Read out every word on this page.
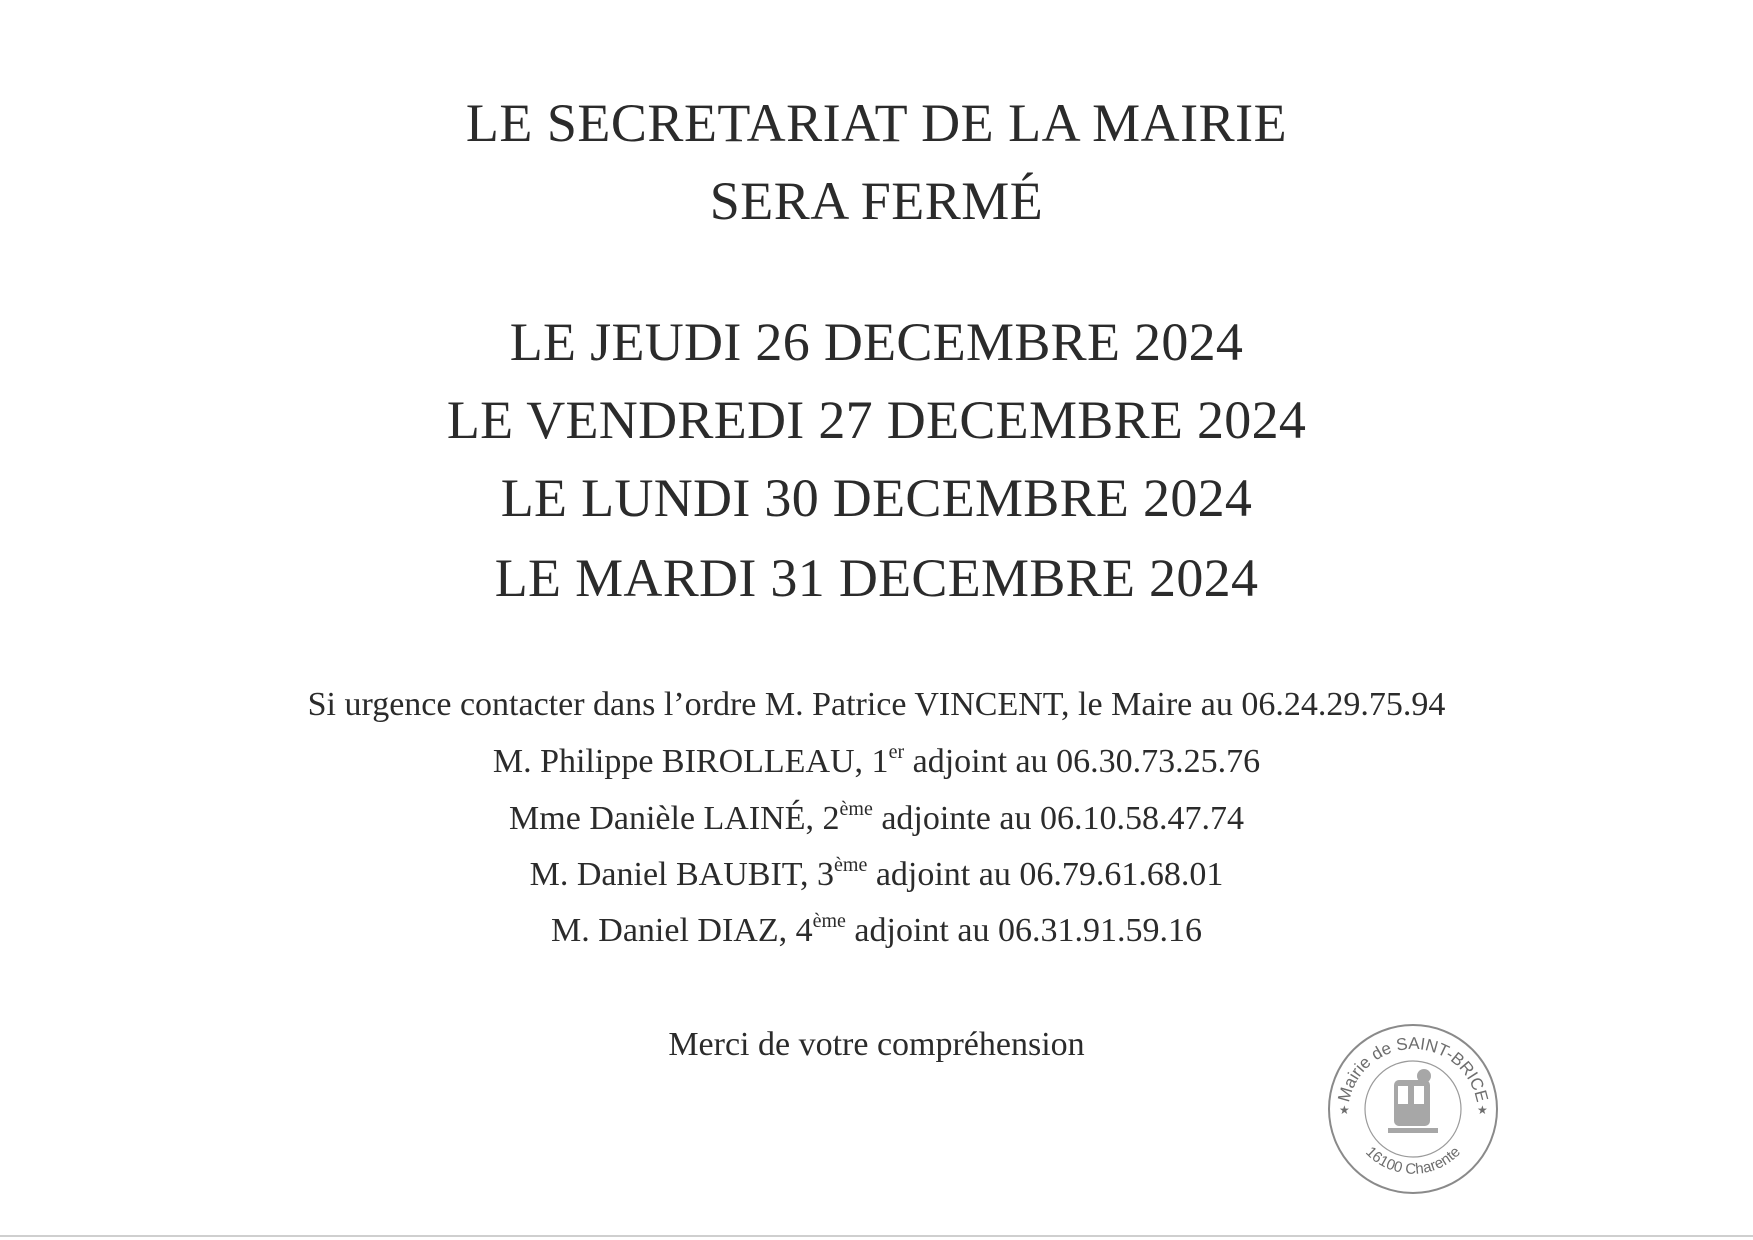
LE SECRETARIAT DE LA MAIRIE
SERA FERMÉ
LE JEUDI 26 DECEMBRE 2024
LE VENDREDI 27 DECEMBRE 2024
LE LUNDI 30 DECEMBRE 2024
LE MARDI 31 DECEMBRE 2024
Si urgence contacter dans l’ordre M. Patrice VINCENT, le Maire au 06.24.29.75.94
M. Philippe BIROLLEAU, 1er adjoint au 06.30.73.25.76
Mme Danièle LAINÉ, 2ème adjointe au 06.10.58.47.74
M. Daniel BAUBIT, 3ème adjoint au 06.79.61.68.01
M. Daniel DIAZ, 4ème adjoint au 06.31.91.59.16
Merci de votre compréhension
Mairie de SAINT-BRICE
16100 Charente
★	★
